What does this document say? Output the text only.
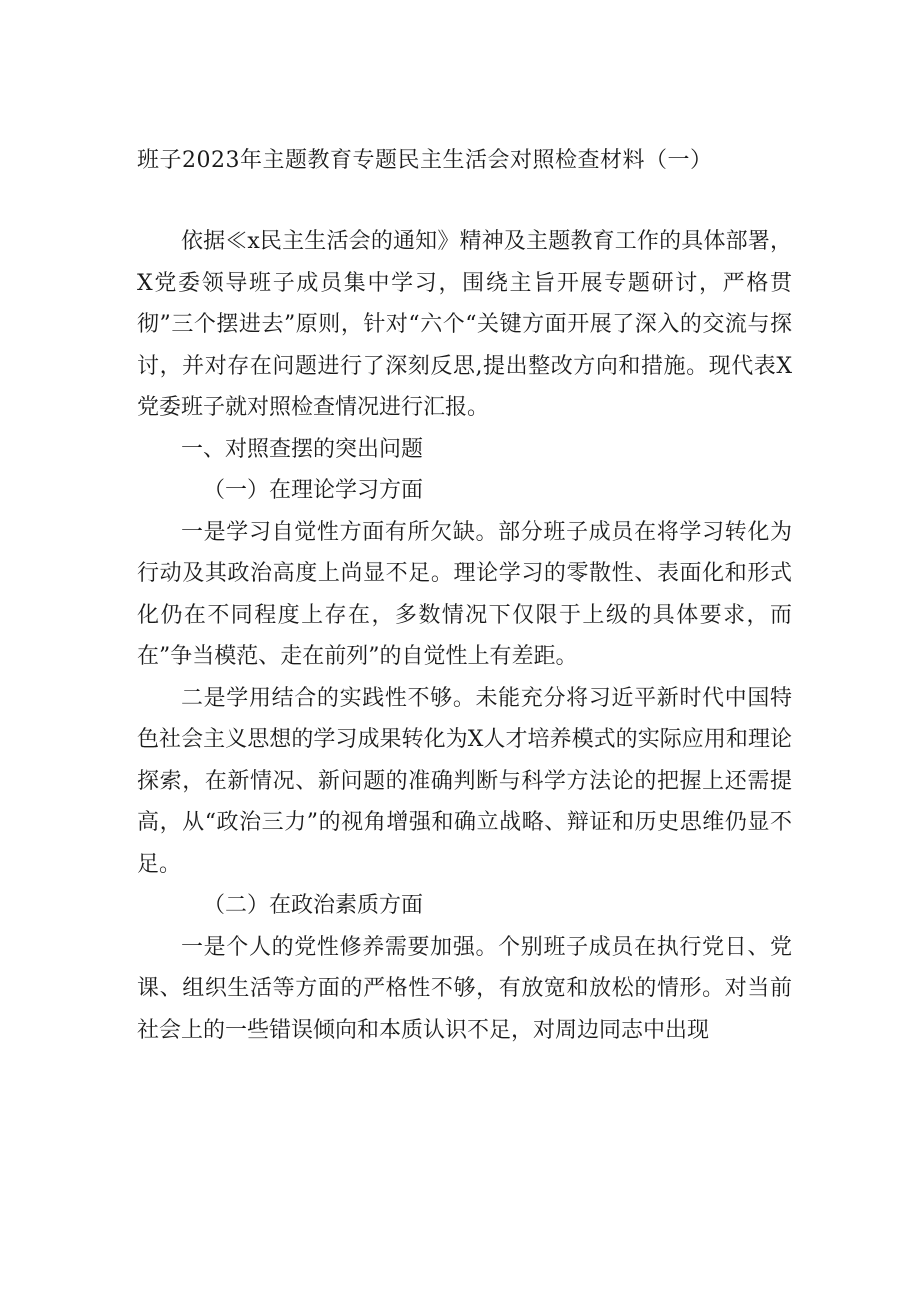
班子2023年主题教育专题民主生活会对照检查材料（一）

依据≪x民主生活会的通知》精神及主题教育工作的具体部署，X党委领导班子成员集中学习，围绕主旨开展专题研讨，严格贯彻”三个摆进去”原则，针对“六个“关键方面开展了深入的交流与探讨，并对存在问题进行了深刻反思,提出整改方向和措施。现代表X党委班子就对照检查情况进行汇报。

一、对照查摆的突出问题

（一）在理论学习方面

一是学习自觉性方面有所欠缺。部分班子成员在将学习转化为行动及其政治高度上尚显不足。理论学习的零散性、表面化和形式化仍在不同程度上存在，多数情况下仅限于上级的具体要求，而在”争当模范、走在前列”的自觉性上有差距。

二是学用结合的实践性不够。未能充分将习近平新时代中国特色社会主义思想的学习成果转化为X人才培养模式的实际应用和理论探索，在新情况、新问题的准确判断与科学方法论的把握上还需提高，从“政治三力”的视角增强和确立战略、辩证和历史思维仍显不足。

（二）在政治素质方面

一是个人的党性修养需要加强。个别班子成员在执行党日、党课、组织生活等方面的严格性不够，有放宽和放松的情形。对当前社会上的一些错误倾向和本质认识不足，对周边同志中出现
